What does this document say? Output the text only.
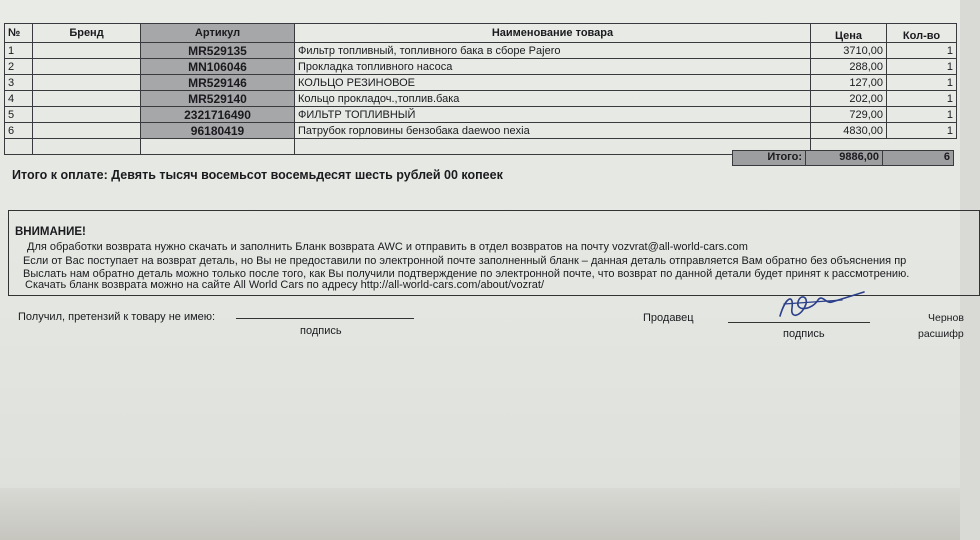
№	Бренд	Артикул	Наименование товара	Цена	Кол-во
1		MR529135	Фильтр топливный, топливного бака в сборе Pajero	3710,00	1
2		MN106046	Прокладка топливного насоса	288,00	1
3		MR529146	КОЛЬЦО РЕЗИНОВОЕ	127,00	1
4		MR529140	Кольцо прокладоч.,топлив.бака	202,00	1
5		2321716490	ФИЛЬТР ТОПЛИВНЫЙ	729,00	1
6		96180419	Патрубок горловины бензобака daewoo nexia	4830,00	1

Итого:	9886,00	6
Итого к оплате: Девять тысяч восемьсот восемьдесят шесть рублей 00 копеек
ВНИМАНИЕ!
Для обработки возврата нужно скачать и заполнить Бланк возврата AWC и отправить в отдел возвратов на почту vozvrat@all-world-cars.com
Если от Вас поступает на возврат деталь, но Вы не предоставили по электронной почте заполненный бланк – данная деталь отправляется Вам обратно без объяснения пр
Выслать нам обратно деталь можно только после того, как Вы получили подтверждение по электронной почте, что возврат по данной детали будет принят к рассмотрению.
Скачать бланк возврата можно на сайте All World Cars по адресу http://all-world-cars.com/about/vozrat/
Получил, претензий к товару не имею:
подпись
Продавец
подпись
Чернов
расшифр
